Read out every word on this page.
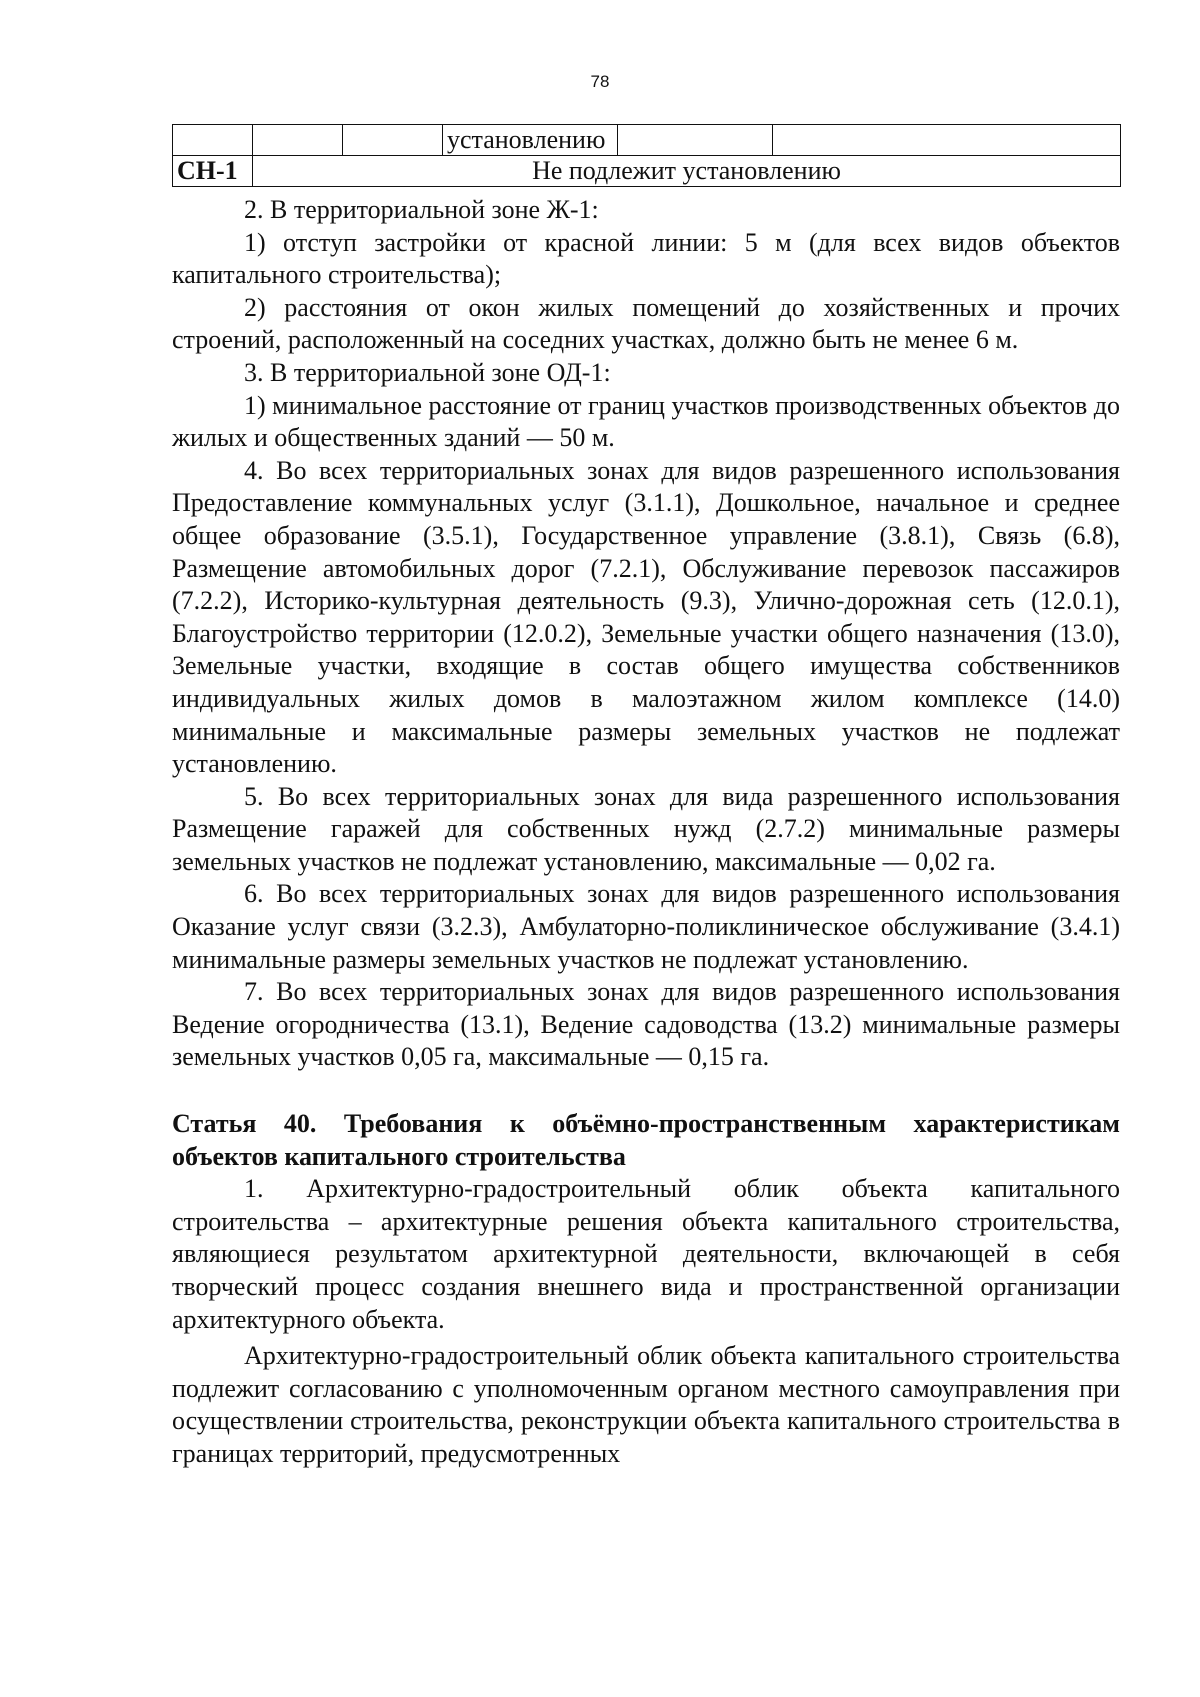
78
			установлению		
СН-1	Не подлежит установлению				

2. В территориальной зоне Ж-1:

1) отступ застройки от красной линии: 5 м (для всех видов объектов капитального строительства);

2) расстояния от окон жилых помещений до хозяйственных и прочих строений, расположенный на соседних участках, должно быть не менее 6 м.

3. В территориальной зоне ОД-1:

1) минимальное расстояние от границ участков производственных объектов до жилых и общественных зданий — 50 м.

4. Во всех территориальных зонах для видов разрешенного использования Предоставление коммунальных услуг (3.1.1), Дошкольное, начальное и среднее общее образование (3.5.1), Государственное управление (3.8.1), Связь (6.8), Размещение автомобильных дорог (7.2.1), Обслуживание перевозок пассажиров (7.2.2), Историко-культурная деятельность (9.3), Улично-дорожная сеть (12.0.1), Благоустройство территории (12.0.2), Земельные участки общего назначения (13.0), Земельные участки, входящие в состав общего имущества собственников индивидуальных жилых домов в малоэтажном жилом комплексе (14.0) минимальные и максимальные размеры земельных участков не подлежат установлению.

5. Во всех территориальных зонах для вида разрешенного использования Размещение гаражей для собственных нужд (2.7.2) минимальные размеры земельных участков не подлежат установлению, максимальные — 0,02 га.

6. Во всех территориальных зонах для видов разрешенного использования Оказание услуг связи (3.2.3), Амбулаторно-поликлиническое обслуживание (3.4.1) минимальные размеры земельных участков не подлежат установлению.

7. Во всех территориальных зонах для видов разрешенного использования Ведение огородничества (13.1), Ведение садоводства (13.2) минимальные размеры земельных участков 0,05 га, максимальные — 0,15 га.

Статья 40. Требования к объёмно-пространственным характеристикам объектов капитального строительства

1. Архитектурно-градостроительный облик объекта капитального строительства – архитектурные решения объекта капитального строительства, являющиеся результатом архитектурной деятельности, включающей в себя творческий процесс создания внешнего вида и пространственной организации архитектурного объекта.

Архитектурно-градостроительный облик объекта капитального строительства подлежит согласованию с уполномоченным органом местного самоуправления при осуществлении строительства, реконструкции объекта капитального строительства в границах территорий, предусмотренных
